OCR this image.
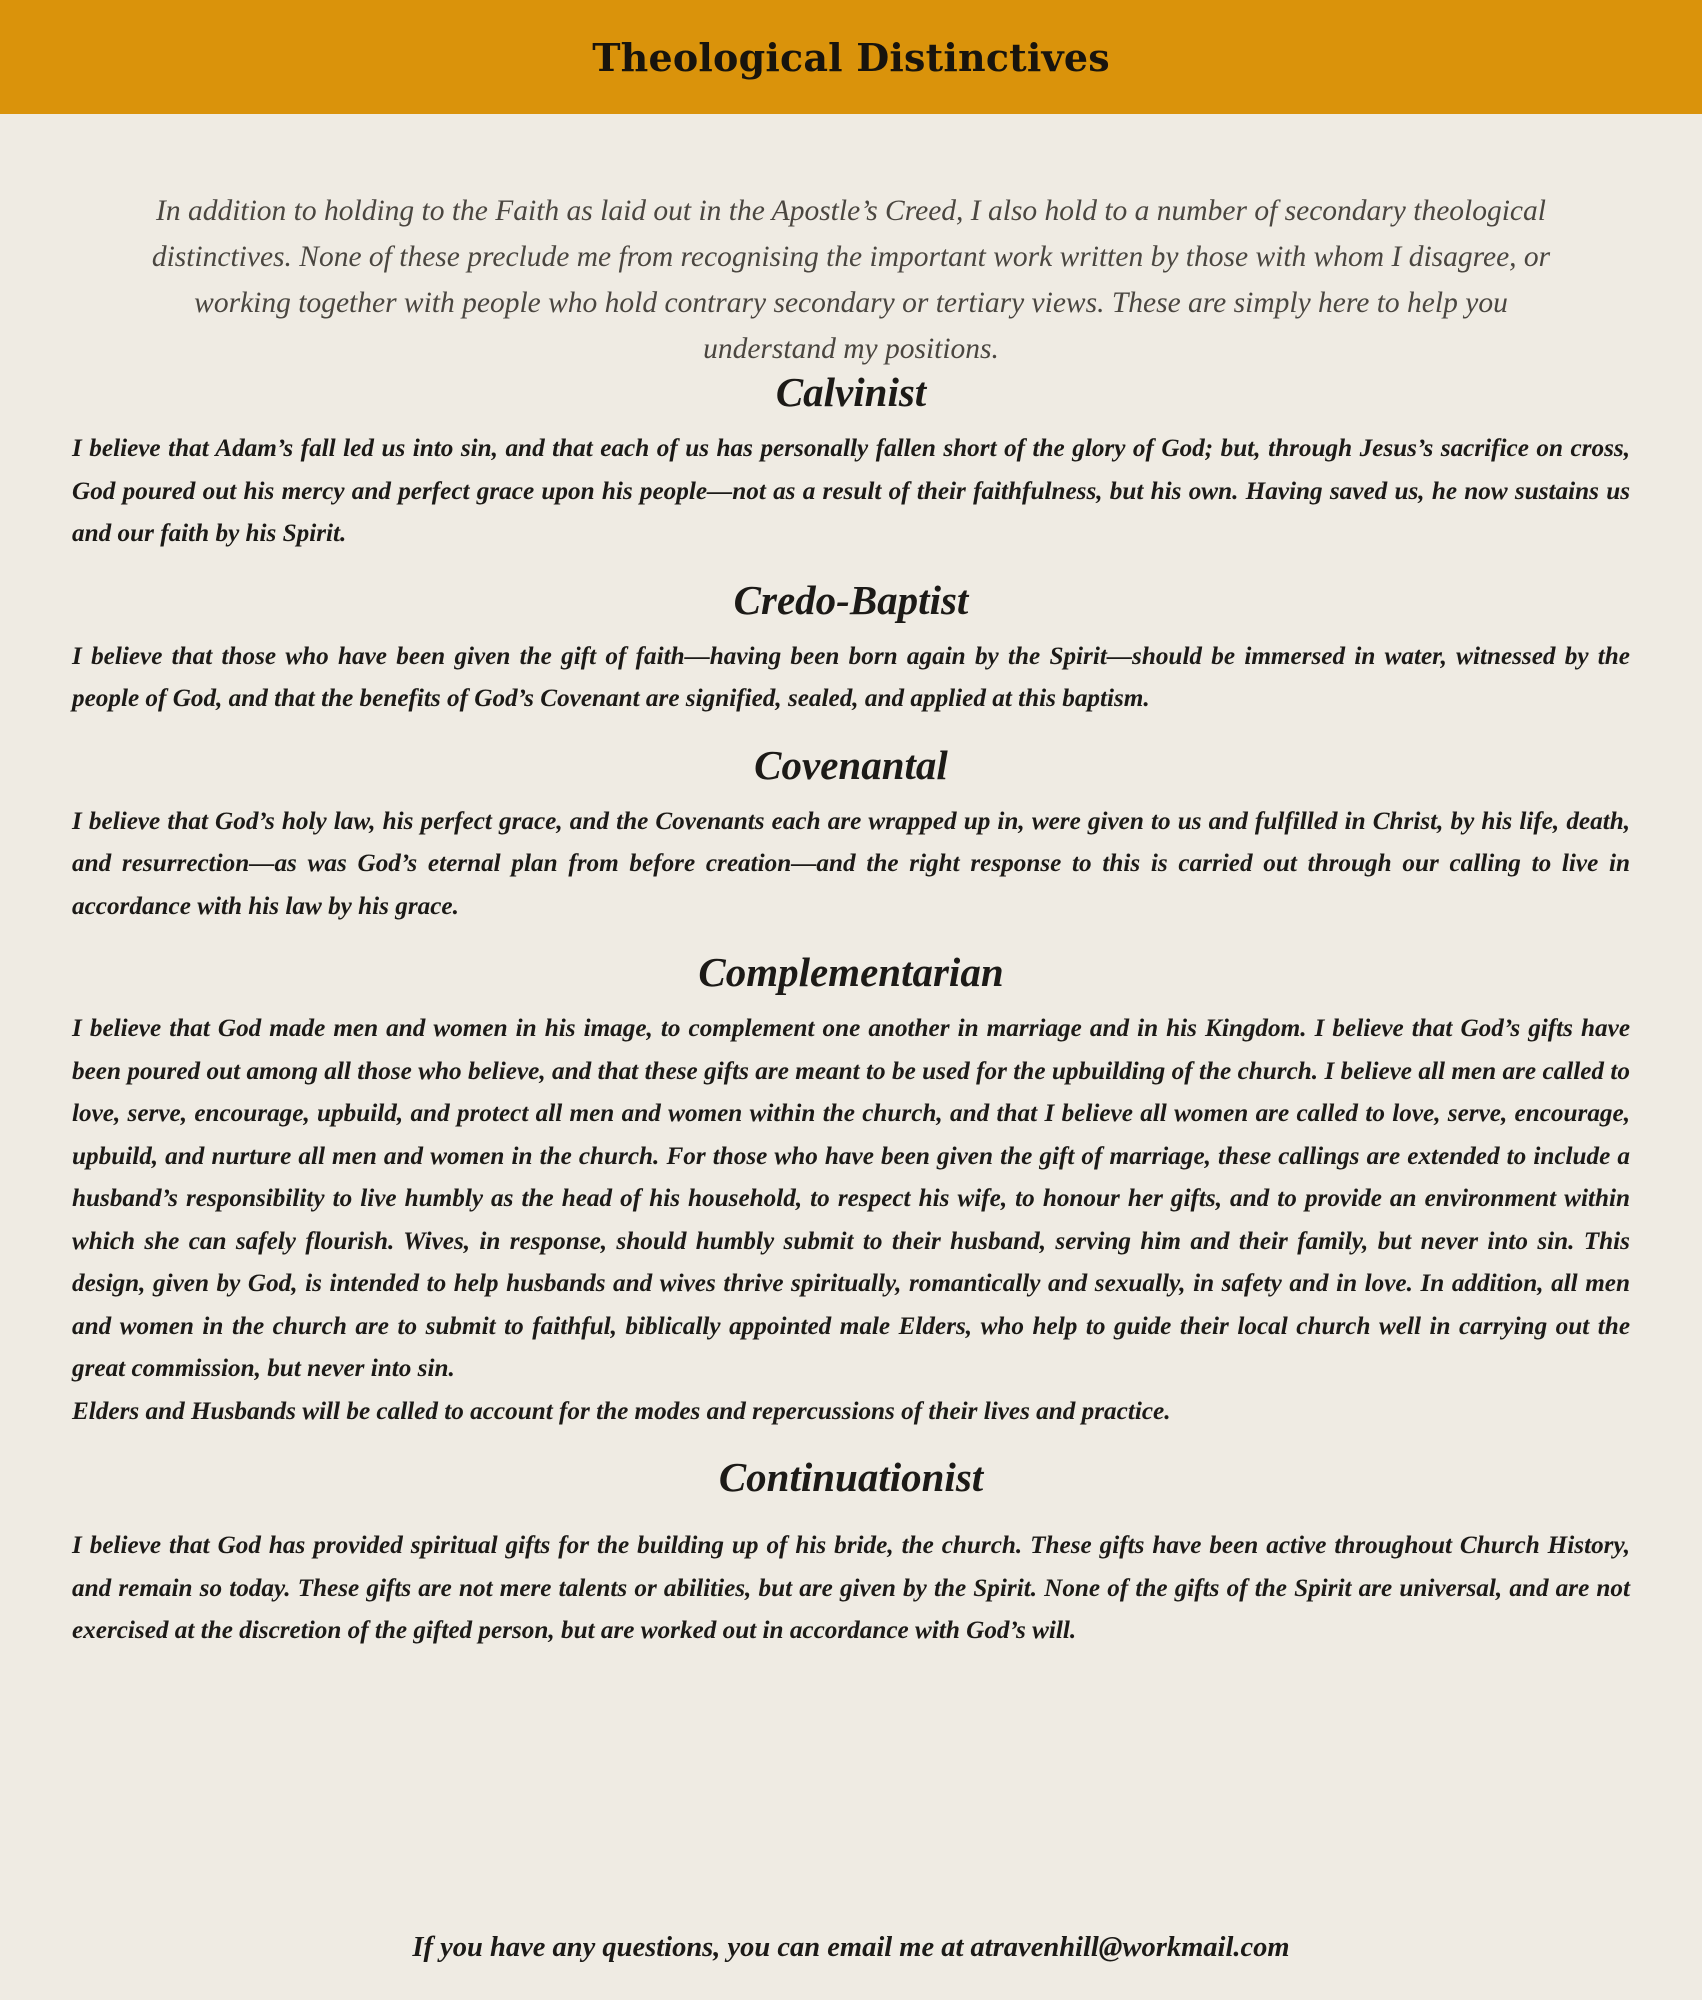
Theological Distinctives

In addition to holding to the Faith as laid out in the Apostle’s Creed, I also hold to a number of secondary theological distinctives. None of these preclude me from recognising the important work written by those with whom I disagree, or working together with people who hold contrary secondary or tertiary views. These are simply here to help you understand my positions.

Calvinist

I believe that Adam’s fall led us into sin, and that each of us has personally fallen short of the glory of God; but, through Jesus’s sacrifice on cross, God poured out his mercy and perfect grace upon his people—not as a result of their faithfulness, but his own. Having saved us, he now sustains us and our faith by his Spirit.

Credo-Baptist

I believe that those who have been given the gift of faith—having been born again by the Spirit—should be immersed in water, witnessed by the people of God, and that the benefits of God’s Covenant are signified, sealed, and applied at this baptism.

Covenantal

I believe that God’s holy law, his perfect grace, and the Covenants each are wrapped up in, were given to us and fulfilled in Christ, by his life, death, and resurrection—as was God’s eternal plan from before creation—and the right response to this is carried out through our calling to live in accordance with his law by his grace.

Complementarian
I believe that God made men and women in his image, to complement one another in marriage and in his Kingdom. I believe that God’s gifts have been poured out among all those who believe, and that these gifts are meant to be used for the upbuilding of the church. I believe all men are called to love, serve, encourage, upbuild, and protect all men and women within the church, and that I believe all women are called to love, serve, encourage, upbuild, and nurture all men and women in the church. For those who have been given the gift of marriage, these callings are extended to include a husband’s responsibility to live humbly as the head of his household, to respect his wife, to honour her gifts, and to provide an environment within which she can safely flourish. Wives, in response, should humbly submit to their husband, serving him and their family, but never into sin. This design, given by God, is intended to help husbands and wives thrive spiritually, romantically and sexually, in safety and in love. In addition, all men and women in the church are to submit to faithful, biblically appointed male Elders, who help to guide their local church well in carrying out the great commission, but never into sin.
Elders and Husbands will be called to account for the modes and repercussions of their lives and practice.
Continuationist

I believe that God has provided spiritual gifts for the building up of his bride, the church. These gifts have been active throughout Church History, and remain so today. These gifts are not mere talents or abilities, but are given by the Spirit. None of the gifts of the Spirit are universal, and are not exercised at the discretion of the gifted person, but are worked out in accordance with God’s will.

If you have any questions, you can email me at atravenhill@workmail.com
